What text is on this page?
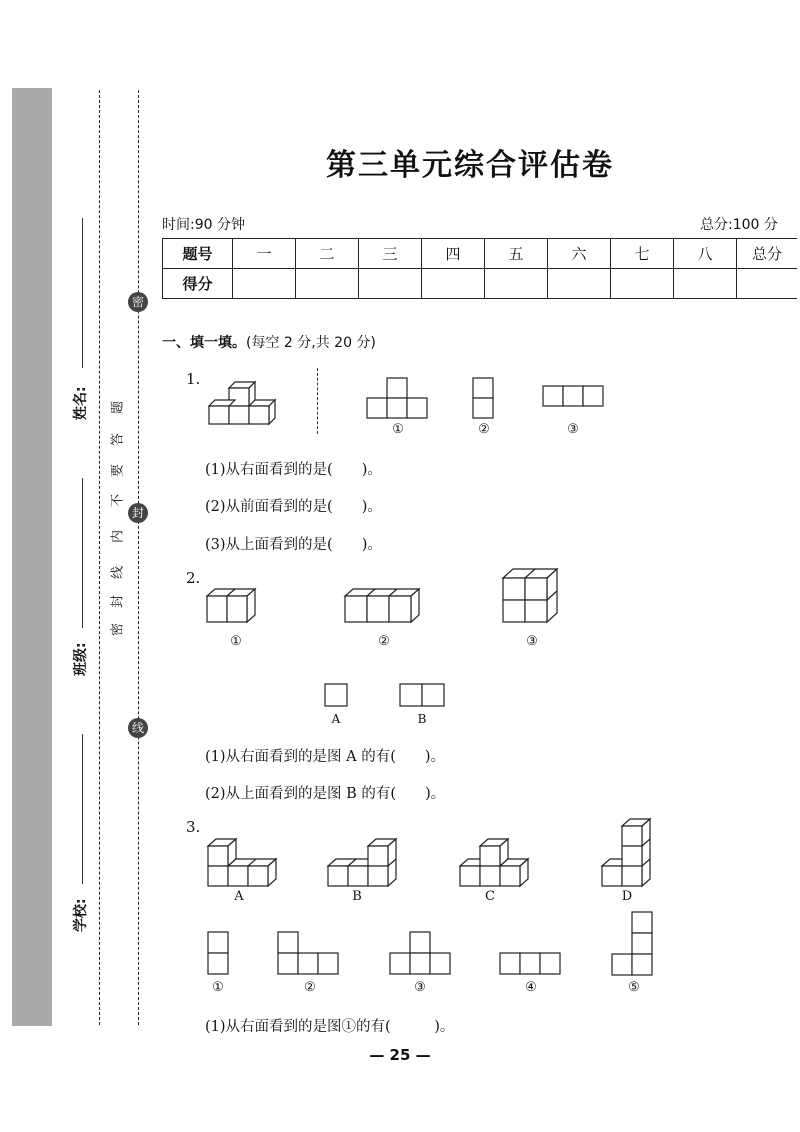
密
封
线
姓名:
班级:
学校:
密
封
线
内
不
要
答
题
第三单元综合评估卷
时间:90 分钟	总分:100 分
题号	一	二	三	四	五	六	七	八	总分
得分									
一、填一填。(每空 2 分,共 20 分)
1.
①	②	③
(1)从右面看到的是(　　)。
(2)从前面看到的是(　　)。
(3)从上面看到的是(　　)。
2.
①	②	③
A	B
(1)从右面看到的是图 A 的有(　　)。
(2)从上面看到的是图 B 的有(　　)。
3.
A	B	C	D
①	②	③	④	⑤
(1)从右面看到的是图①的有(　　　)。
— 25 —
